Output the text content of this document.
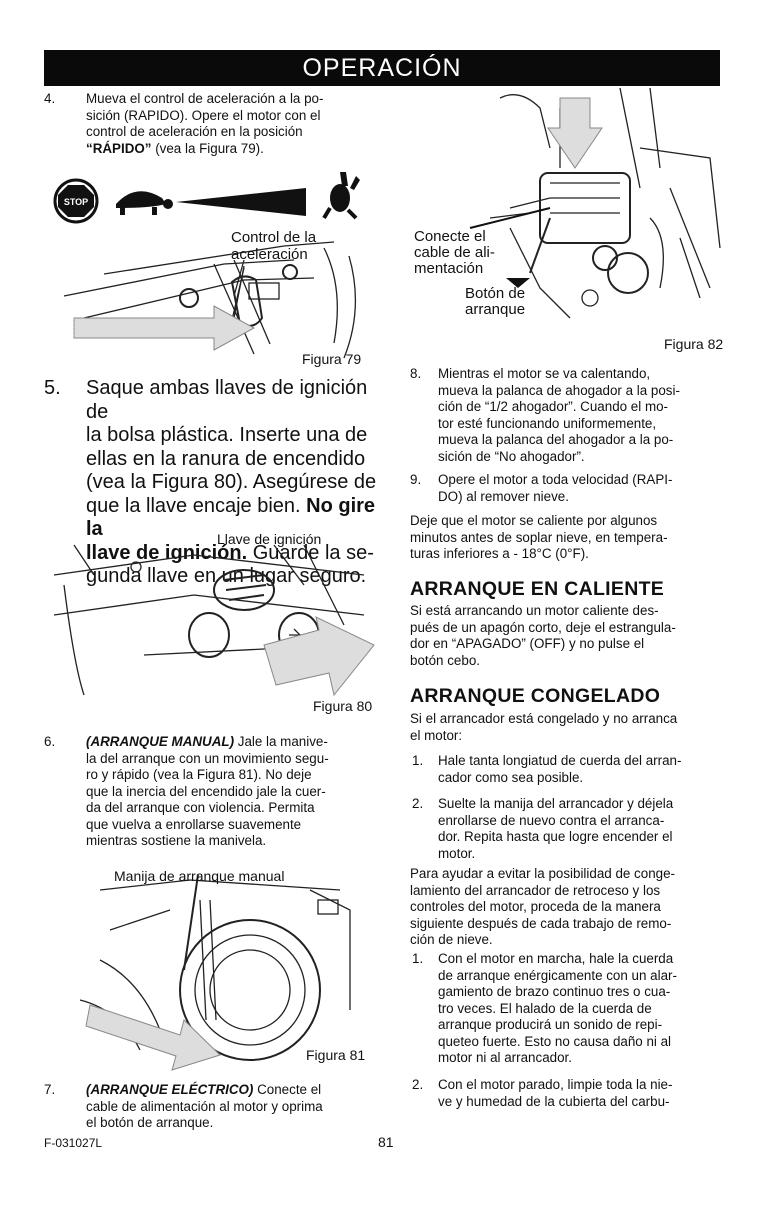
OPERACIÓN
4. Mueva el control de aceleración a la po-
sición (RAPIDO). Opere el motor con el
control de aceleración en la posición
“RÁPIDO” (vea la Figura 79).
STOP
Control de la
aceleración
Figura 79
5. Saque ambas llaves de ignición de
la bolsa plástica. Inserte una de
ellas en la ranura de encendido
(vea la Figura 80). Asegúrese de
que la llave encaje bien. No gire la
llave de ignición. Guarde la se-
gunda llave en un lugar seguro.
Llave de ignición
Figura 80
6. (ARRANQUE MANUAL) Jale la manive-
la del arranque con un movimiento segu-
ro y rápido (vea la Figura 81). No deje
que la inercia del encendido jale la cuer-
da del arranque con violencia. Permita
que vuelva a enrollarse suavemente
mientras sostiene la manivela.
Manija de arranque manual
Figura 81
7. (ARRANQUE ELÉCTRICO) Conecte el
cable de alimentación al motor y oprima
el botón de arranque.
F-031027L	81
Conecte el
cable de ali-
mentación
Botón de
arranque
Figura 82
8. Mientras el motor se va calentando,
mueva la palanca de ahogador a la posi-
ción de “1/2 ahogador”. Cuando el mo-
tor esté funcionando uniformemente,
mueva la palanca del ahogador a la po-
sición de “No ahogador”.
9. Opere el motor a toda velocidad (RAPI-
DO) al remover nieve.
Deje que el motor se caliente por algunos
minutos antes de soplar nieve, en tempera-
turas inferiores a - 18°C (0°F).
ARRANQUE EN CALIENTE
Si está arrancando un motor caliente des-
pués de un apagón corto, deje el estrangula-
dor en “APAGADO” (OFF) y no pulse el
botón cebo.
ARRANQUE CONGELADO
Si el arrancador está congelado y no arranca
el motor:
1. Hale tanta longiatud de cuerda del arran-
cador como sea posible.
2. Suelte la manija del arrancador y déjela
enrollarse de nuevo contra el arranca-
dor. Repita hasta que logre encender el
motor.
Para ayudar a evitar la posibilidad de conge-
lamiento del arrancador de retroceso y los
controles del motor, proceda de la manera
siguiente después de cada trabajo de remo-
ción de nieve.
1. Con el motor en marcha, hale la cuerda
de arranque enérgicamente con un alar-
gamiento de brazo continuo tres o cua-
tro veces. El halado de la cuerda de
arranque producirá un sonido de repi-
queteo fuerte. Esto no causa daño ni al
motor ni al arrancador.
2. Con el motor parado, limpie toda la nie-
ve y humedad de la cubierta del carbu-
